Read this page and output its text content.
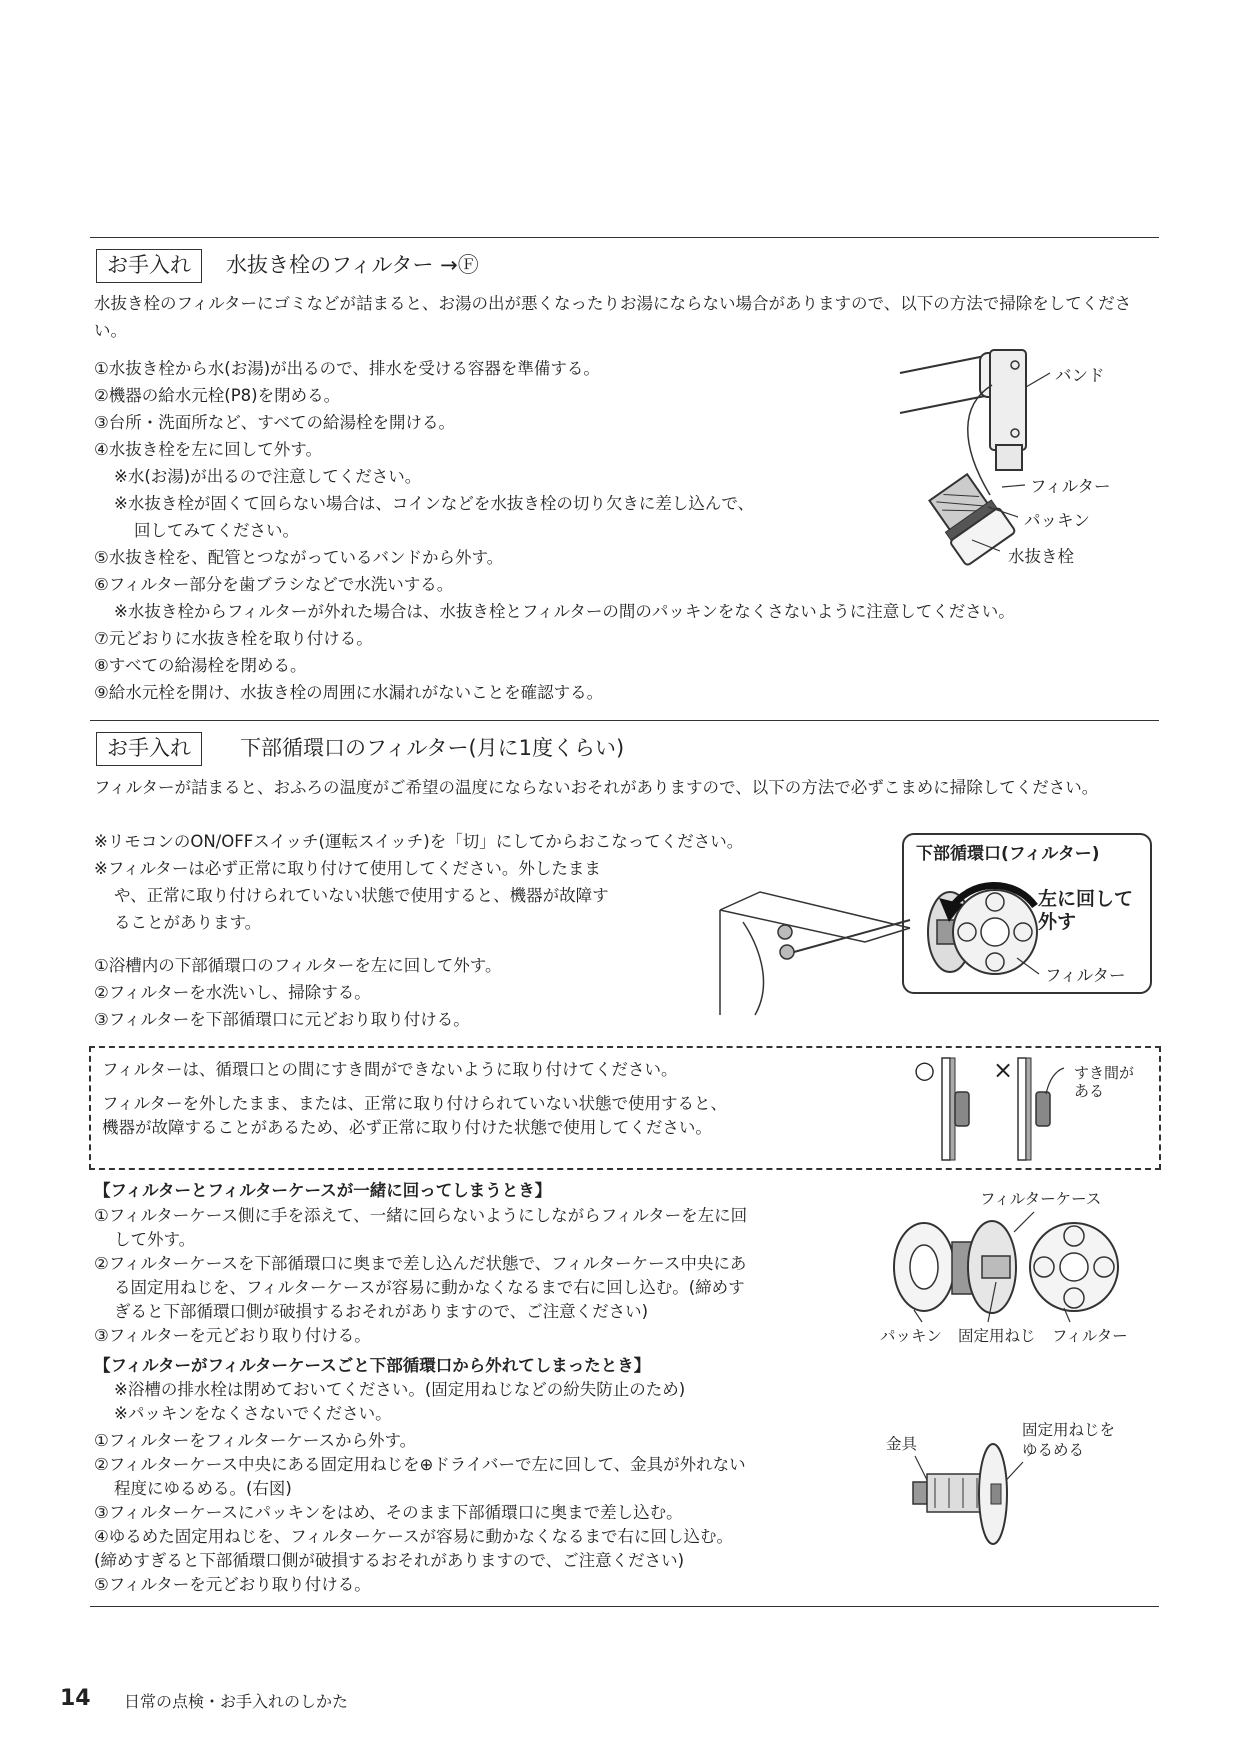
お手入れ	水抜き栓のフィルター →Ⓕ
水抜き栓のフィルターにゴミなどが詰まると、お湯の出が悪くなったりお湯にならない場合がありますので、以下の方法で掃除をしてください。
①水抜き栓から水(お湯)が出るので、排水を受ける容器を準備する。
②機器の給水元栓(P8)を閉める。
③台所・洗面所など、すべての給湯栓を開ける。
④水抜き栓を左に回して外す。
※水(お湯)が出るので注意してください。
※水抜き栓が固くて回らない場合は、コインなどを水抜き栓の切り欠きに差し込んで、
回してみてください。
⑤水抜き栓を、配管とつながっているバンドから外す。
⑥フィルター部分を歯ブラシなどで水洗いする。
※水抜き栓からフィルターが外れた場合は、水抜き栓とフィルターの間のパッキンをなくさないように注意してください。
⑦元どおりに水抜き栓を取り付ける。
⑧すべての給湯栓を閉める。
⑨給水元栓を開け、水抜き栓の周囲に水漏れがないことを確認する。
バンド
フィルター
パッキン
水抜き栓
お手入れ	下部循環口のフィルター(月に1度くらい)
フィルターが詰まると、おふろの温度がご希望の温度にならないおそれがありますので、以下の方法で必ずこまめに掃除してください。
※リモコンのON/OFFスイッチ(運転スイッチ)を「切」にしてからおこなってください。
※フィルターは必ず正常に取り付けて使用してください。外したまま
や、正常に取り付けられていない状態で使用すると、機器が故障す
ることがあります。
①浴槽内の下部循環口のフィルターを左に回して外す。
②フィルターを水洗いし、掃除する。
③フィルターを下部循環口に元どおり取り付ける。
下部循環口(フィルター)
左に回して
外す
フィルター
フィルターは、循環口との間にすき間ができないように取り付けてください。
フィルターを外したまま、または、正常に取り付けられていない状態で使用すると、
機器が故障することがあるため、必ず正常に取り付けた状態で使用してください。
○ ×	すき間が
ある
【フィルターとフィルターケースが一緒に回ってしまうとき】
①フィルターケース側に手を添えて、一緒に回らないようにしながらフィルターを左に回
して外す。
②フィルターケースを下部循環口に奥まで差し込んだ状態で、フィルターケース中央にあ
る固定用ねじを、フィルターケースが容易に動かなくなるまで右に回し込む。(締めす
ぎると下部循環口側が破損するおそれがありますので、ご注意ください)
③フィルターを元どおり取り付ける。
フィルターケース
パッキン 固定用ねじ フィルター
【フィルターがフィルターケースごと下部循環口から外れてしまったとき】
※浴槽の排水栓は閉めておいてください。(固定用ねじなどの紛失防止のため)
※パッキンをなくさないでください。
①フィルターをフィルターケースから外す。
②フィルターケース中央にある固定用ねじを⊕ドライバーで左に回して、金具が外れない
程度にゆるめる。(右図)
③フィルターケースにパッキンをはめ、そのまま下部循環口に奥まで差し込む。
④ゆるめた固定用ねじを、フィルターケースが容易に動かなくなるまで右に回し込む。
(締めすぎると下部循環口側が破損するおそれがありますので、ご注意ください)
⑤フィルターを元どおり取り付ける。
金具
固定用ねじを
ゆるめる
14 日常の点検・お手入れのしかた
